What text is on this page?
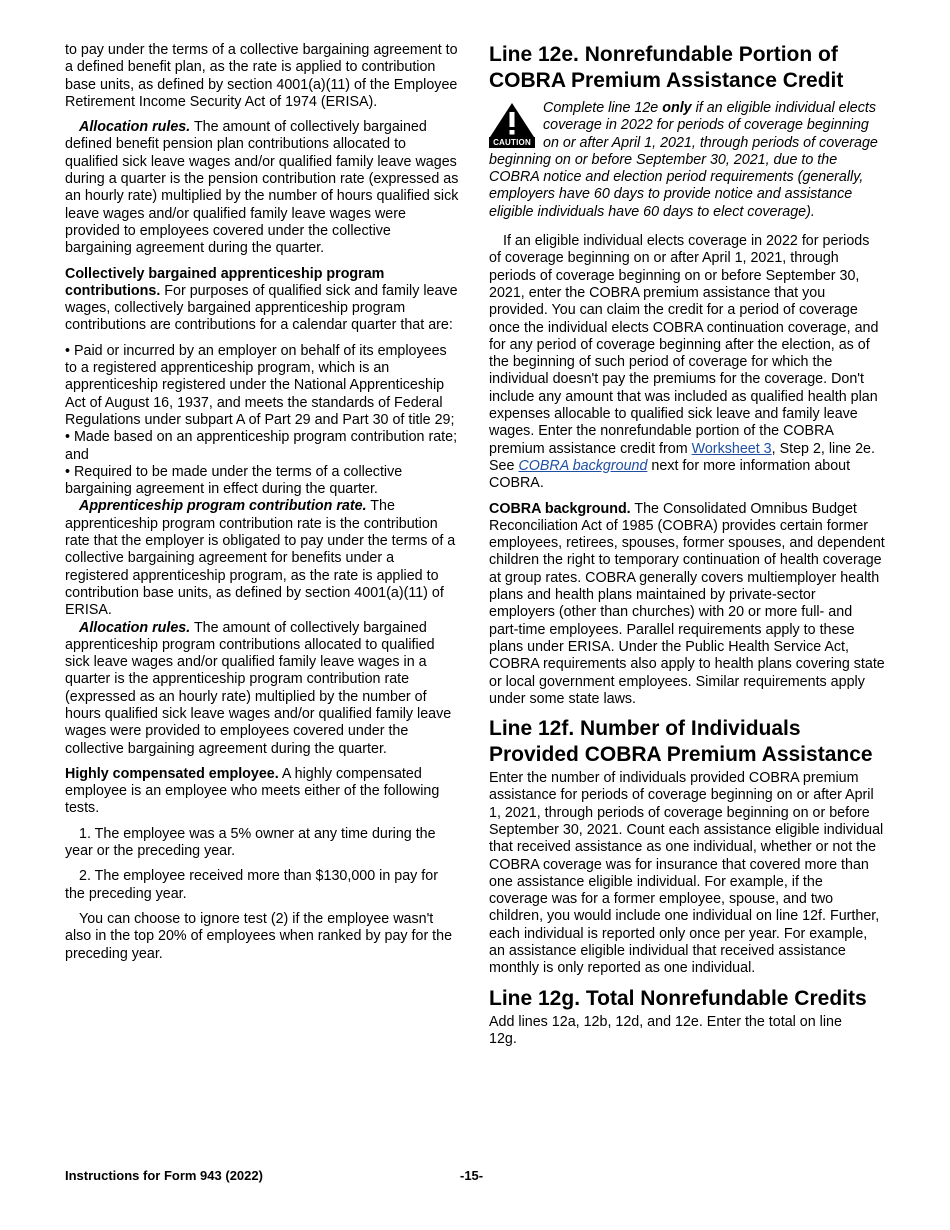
to pay under the terms of a collective bargaining agreement to a defined benefit plan, as the rate is applied to contribution base units, as defined by section 4001(a)(11) of the Employee Retirement Income Security Act of 1974 (ERISA).

Allocation rules. The amount of collectively bargained defined benefit pension plan contributions allocated to qualified sick leave wages and/or qualified family leave wages during a quarter is the pension contribution rate (expressed as an hourly rate) multiplied by the number of hours qualified sick leave wages and/or qualified family leave wages were provided to employees covered under the collective bargaining agreement during the quarter.

Collectively bargained apprenticeship program contributions. For purposes of qualified sick and family leave wages, collectively bargained apprenticeship program contributions are contributions for a calendar quarter that are:

• Paid or incurred by an employer on behalf of its employees to a registered apprenticeship program, which is an apprenticeship registered under the National Apprenticeship Act of August 16, 1937, and meets the standards of Federal Regulations under subpart A of Part 29 and Part 30 of title 29;

• Made based on an apprenticeship program contribution rate; and

• Required to be made under the terms of a collective bargaining agreement in effect during the quarter.

Apprenticeship program contribution rate. The apprenticeship program contribution rate is the contribution rate that the employer is obligated to pay under the terms of a collective bargaining agreement for benefits under a registered apprenticeship program, as the rate is applied to contribution base units, as defined by section 4001(a)(11) of ERISA.

Allocation rules. The amount of collectively bargained apprenticeship program contributions allocated to qualified sick leave wages and/or qualified family leave wages in a quarter is the apprenticeship program contribution rate (expressed as an hourly rate) multiplied by the number of hours qualified sick leave wages and/or qualified family leave wages were provided to employees covered under the collective bargaining agreement during the quarter.

Highly compensated employee. A highly compensated employee is an employee who meets either of the following tests.

1. The employee was a 5% owner at any time during the year or the preceding year.

2. The employee received more than $130,000 in pay for the preceding year.

You can choose to ignore test (2) if the employee wasn't also in the top 20% of employees when ranked by pay for the preceding year.

Line 12e. Nonrefundable Portion of COBRA Premium Assistance Credit
CAUTION
Complete line 12e only if an eligible individual elects coverage in 2022 for periods of coverage beginning on or after April 1, 2021, through periods of coverage beginning on or before September 30, 2021, due to the COBRA notice and election period requirements (generally, employers have 60 days to provide notice and assistance eligible individuals have 60 days to elect coverage).

If an eligible individual elects coverage in 2022 for periods of coverage beginning on or after April 1, 2021, through periods of coverage beginning on or before September 30, 2021, enter the COBRA premium assistance that you provided. You can claim the credit for a period of coverage once the individual elects COBRA continuation coverage, and for any period of coverage beginning after the election, as of the beginning of such period of coverage for which the individual doesn't pay the premiums for the coverage. Don't include any amount that was included as qualified health plan expenses allocable to qualified sick leave and family leave wages. Enter the nonrefundable portion of the COBRA premium assistance credit from Worksheet 3, Step 2, line 2e. See COBRA background next for more information about COBRA.

COBRA background. The Consolidated Omnibus Budget Reconciliation Act of 1985 (COBRA) provides certain former employees, retirees, spouses, former spouses, and dependent children the right to temporary continuation of health coverage at group rates. COBRA generally covers multiemployer health plans and health plans maintained by private-sector employers (other than churches) with 20 or more full- and part-time employees. Parallel requirements apply to these plans under ERISA. Under the Public Health Service Act, COBRA requirements also apply to health plans covering state or local government employees. Similar requirements apply under some state laws.

Line 12f. Number of Individuals Provided COBRA Premium Assistance

Enter the number of individuals provided COBRA premium assistance for periods of coverage beginning on or after April 1, 2021, through periods of coverage beginning on or before September 30, 2021. Count each assistance eligible individual that received assistance as one individual, whether or not the COBRA coverage was for insurance that covered more than one assistance eligible individual. For example, if the coverage was for a former employee, spouse, and two children, you would include one individual on line 12f. Further, each individual is reported only once per year. For example, an assistance eligible individual that received assistance monthly is only reported as one individual.

Line 12g. Total Nonrefundable Credits

Add lines 12a, 12b, 12d, and 12e. Enter the total on line 12g.

Instructions for Form 943 (2022)	-15-
